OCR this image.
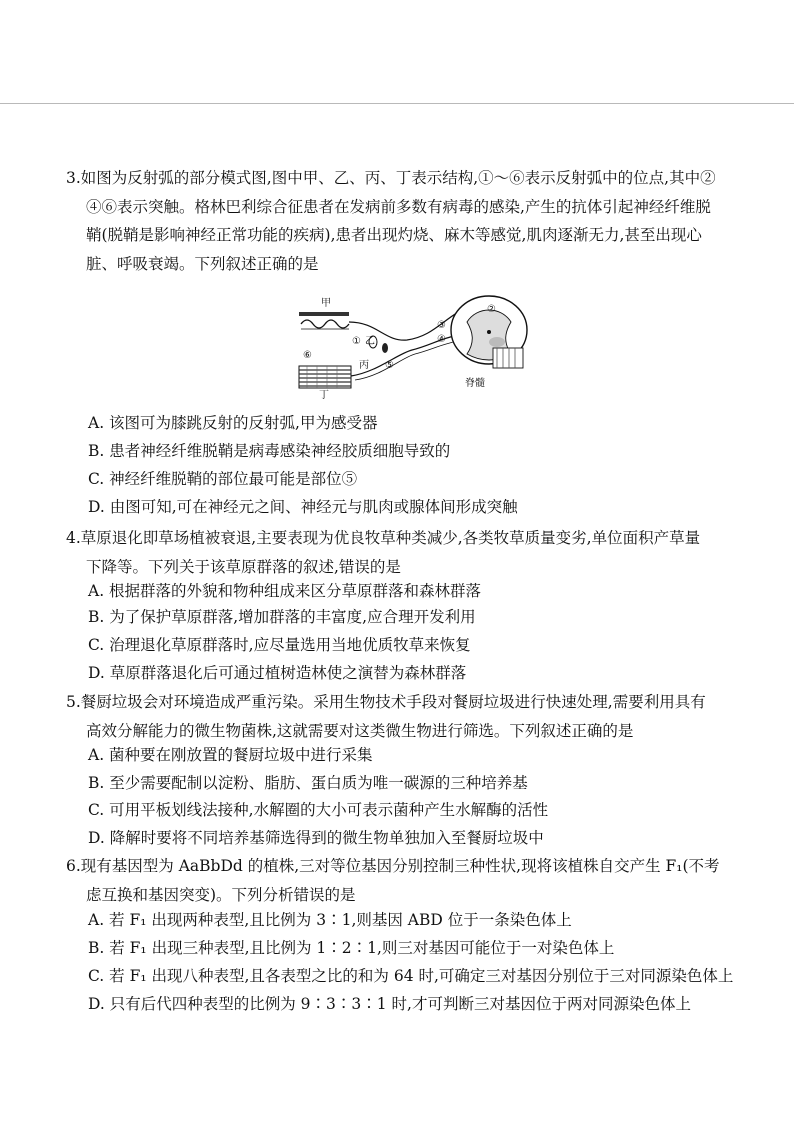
3.如图为反射弧的部分模式图,图中甲、乙、丙、丁表示结构,①～⑥表示反射弧中的位点,其中②
④⑥表示突触。格林巴利综合征患者在发病前多数有病毒的感染,产生的抗体引起神经纤维脱
鞘(脱鞘是影响神经正常功能的疾病),患者出现灼烧、麻木等感觉,肌肉逐渐无力,甚至出现心
脏、呼吸衰竭。下列叙述正确的是
甲
丁
脊髓
①
②
③
④
⑤
⑥
乙
丙
A. 该图可为膝跳反射的反射弧,甲为感受器
B. 患者神经纤维脱鞘是病毒感染神经胶质细胞导致的
C. 神经纤维脱鞘的部位最可能是部位⑤
D. 由图可知,可在神经元之间、神经元与肌肉或腺体间形成突触
4.草原退化即草场植被衰退,主要表现为优良牧草种类减少,各类牧草质量变劣,单位面积产草量
下降等。下列关于该草原群落的叙述,错误的是
A. 根据群落的外貌和物种组成来区分草原群落和森林群落
B. 为了保护草原群落,增加群落的丰富度,应合理开发利用
C. 治理退化草原群落时,应尽量选用当地优质牧草来恢复
D. 草原群落退化后可通过植树造林使之演替为森林群落
5.餐厨垃圾会对环境造成严重污染。采用生物技术手段对餐厨垃圾进行快速处理,需要利用具有
高效分解能力的微生物菌株,这就需要对这类微生物进行筛选。下列叙述正确的是
A. 菌种要在刚放置的餐厨垃圾中进行采集
B. 至少需要配制以淀粉、脂肪、蛋白质为唯一碳源的三种培养基
C. 可用平板划线法接种,水解圈的大小可表示菌种产生水解酶的活性
D. 降解时要将不同培养基筛选得到的微生物单独加入至餐厨垃圾中
6.现有基因型为 AaBbDd 的植株,三对等位基因分别控制三种性状,现将该植株自交产生 F₁(不考
虑互换和基因突变)。下列分析错误的是
A. 若 F₁ 出现两种表型,且比例为 3∶1,则基因 ABD 位于一条染色体上
B. 若 F₁ 出现三种表型,且比例为 1∶2∶1,则三对基因可能位于一对染色体上
C. 若 F₁ 出现八种表型,且各表型之比的和为 64 时,可确定三对基因分别位于三对同源染色体上
D. 只有后代四种表型的比例为 9∶3∶3∶1 时,才可判断三对基因位于两对同源染色体上
